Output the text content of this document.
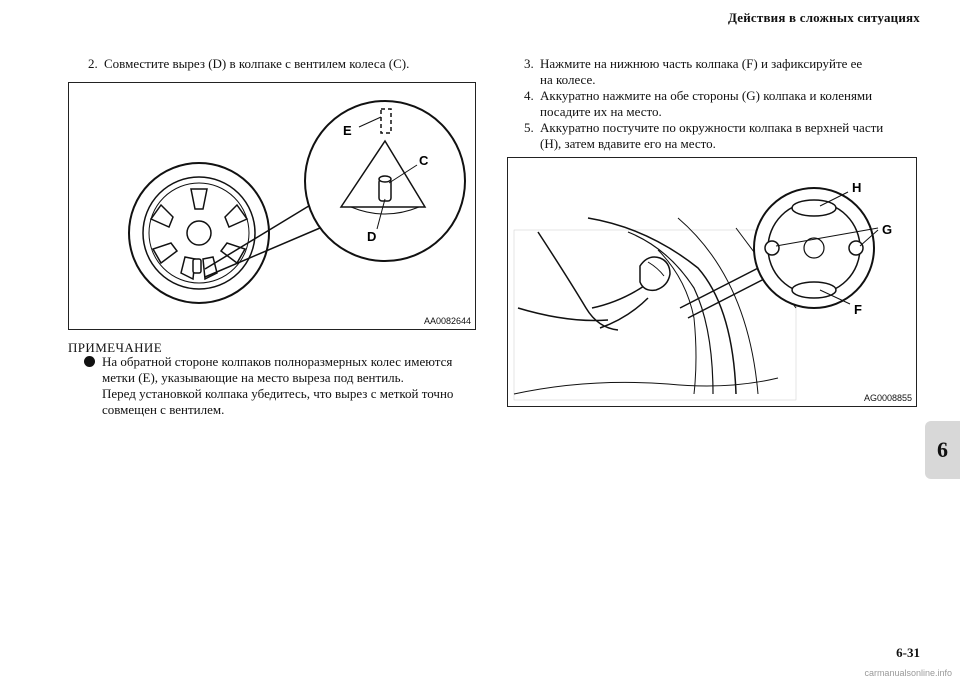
Действия в сложных ситуациях
2. Совместите вырез (D) в колпаке с вентилем колеса (C).
E
C
D
AA0082644
ПРИМЕЧАНИЕ
На обратной стороне колпаков полноразмерных колес имеются
метки (E), указывающие на место выреза под вентиль.
Перед установкой колпака убедитесь, что вырез с меткой точно
совмещен с вентилем.
3. Нажмите на нижнюю часть колпака (F) и зафиксируйте ее
на колесе.
4. Аккуратно нажмите на обе стороны (G) колпака и коленями
посадите их на место.
5. Аккуратно постучите по окружности колпака в верхней части
(H), затем вдавите его на место.
H
G
F
AG0008855
6
6-31
carmanualsonline.info
